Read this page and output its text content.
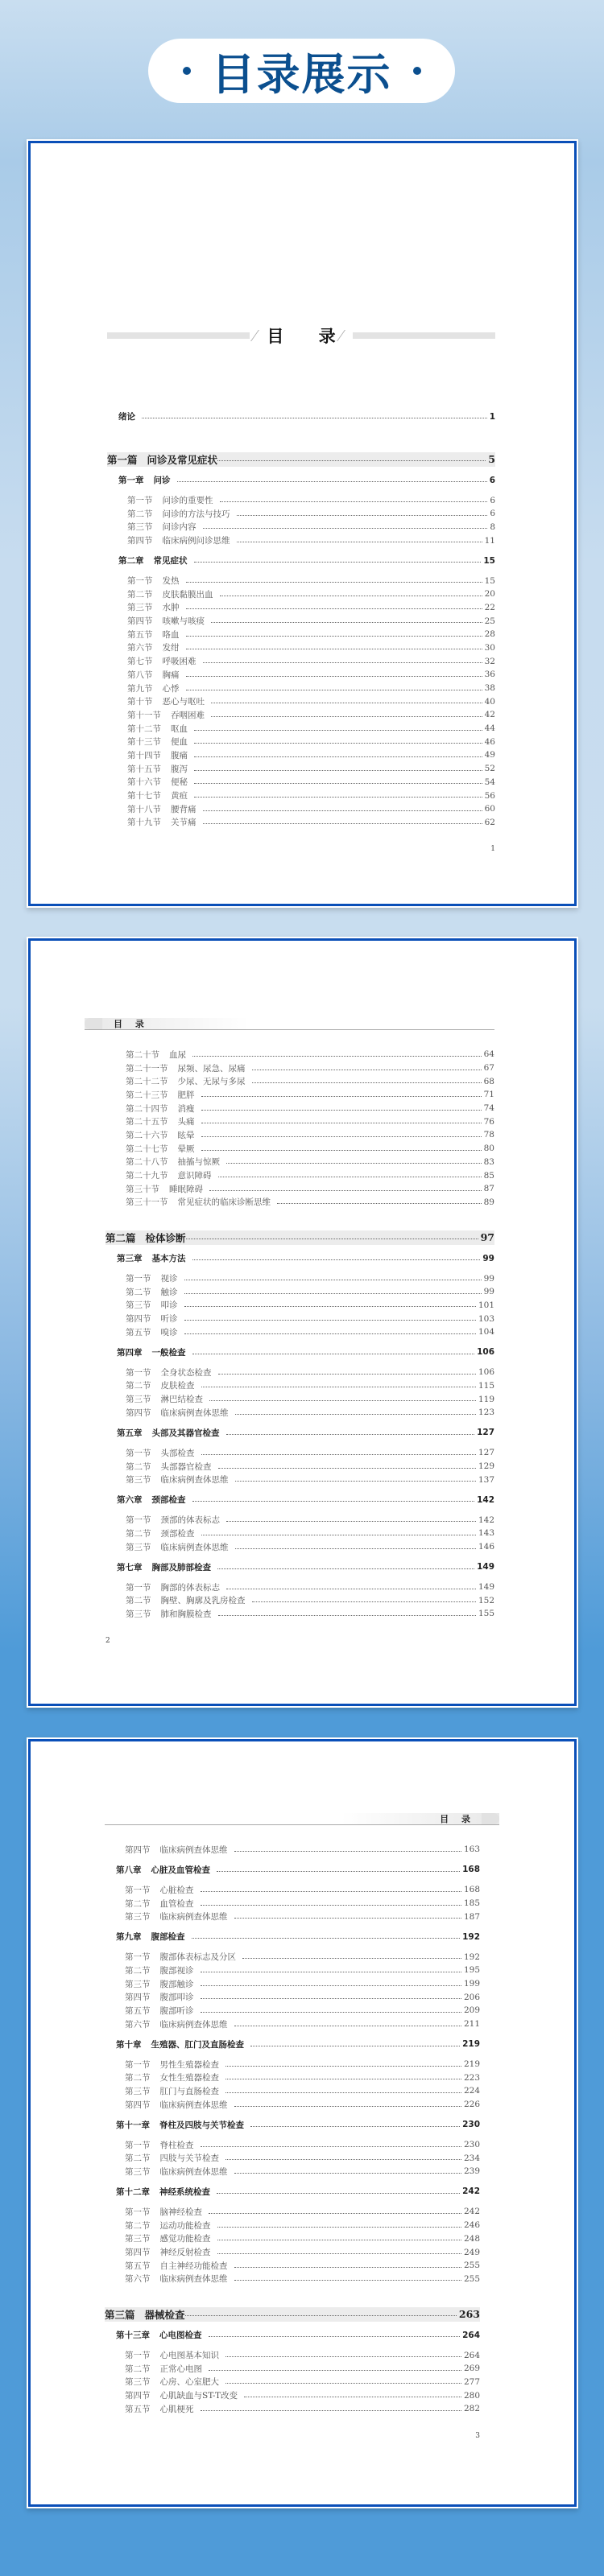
目录展示
目 录
绪论	1
第一篇 问诊及常见症状	5
第一章 问诊	6
第一节 问诊的重要性	6
第二节 问诊的方法与技巧	6
第三节 问诊内容	8
第四节 临床病例问诊思维	11
第二章 常见症状	15
第一节 发热	15
第二节 皮肤黏膜出血	20
第三节 水肿	22
第四节 咳嗽与咳痰	25
第五节 咯血	28
第六节 发绀	30
第七节 呼吸困难	32
第八节 胸痛	36
第九节 心悸	38
第十节 恶心与呕吐	40
第十一节 吞咽困难	42
第十二节 呕血	44
第十三节 便血	46
第十四节 腹痛	49
第十五节 腹泻	52
第十六节 便秘	54
第十七节 黄疸	56
第十八节 腰背痛	60
第十九节 关节痛	62
1
目 录
第二十节 血尿	64
第二十一节 尿频、尿急、尿痛	67
第二十二节 少尿、无尿与多尿	68
第二十三节 肥胖	71
第二十四节 消瘦	74
第二十五节 头痛	76
第二十六节 眩晕	78
第二十七节 晕厥	80
第二十八节 抽搐与惊厥	83
第二十九节 意识障碍	85
第三十节 睡眠障碍	87
第三十一节 常见症状的临床诊断思维	89
第二篇 检体诊断	97
第三章 基本方法	99
第一节 视诊	99
第二节 触诊	99
第三节 叩诊	101
第四节 听诊	103
第五节 嗅诊	104
第四章 一般检查	106
第一节 全身状态检查	106
第二节 皮肤检查	115
第三节 淋巴结检查	119
第四节 临床病例查体思维	123
第五章 头部及其器官检查	127
第一节 头部检查	127
第二节 头部器官检查	129
第三节 临床病例查体思维	137
第六章 颈部检查	142
第一节 颈部的体表标志	142
第二节 颈部检查	143
第三节 临床病例查体思维	146
第七章 胸部及肺部检查	149
第一节 胸部的体表标志	149
第二节 胸壁、胸廓及乳房检查	152
第三节 肺和胸膜检查	155
2
目 录
第四节 临床病例查体思维	163
第八章 心脏及血管检查	168
第一节 心脏检查	168
第二节 血管检查	185
第三节 临床病例查体思维	187
第九章 腹部检查	192
第一节 腹部体表标志及分区	192
第二节 腹部视诊	195
第三节 腹部触诊	199
第四节 腹部叩诊	206
第五节 腹部听诊	209
第六节 临床病例查体思维	211
第十章 生殖器、肛门及直肠检查	219
第一节 男性生殖器检查	219
第二节 女性生殖器检查	223
第三节 肛门与直肠检查	224
第四节 临床病例查体思维	226
第十一章 脊柱及四肢与关节检查	230
第一节 脊柱检查	230
第二节 四肢与关节检查	234
第三节 临床病例查体思维	239
第十二章 神经系统检查	242
第一节 脑神经检查	242
第二节 运动功能检查	246
第三节 感觉功能检查	248
第四节 神经反射检查	249
第五节 自主神经功能检查	255
第六节 临床病例查体思维	255
第三篇 器械检查	263
第十三章 心电图检查	264
第一节 心电图基本知识	264
第二节 正常心电图	269
第三节 心房、心室肥大	277
第四节 心肌缺血与ST-T改变	280
第五节 心肌梗死	282
3
